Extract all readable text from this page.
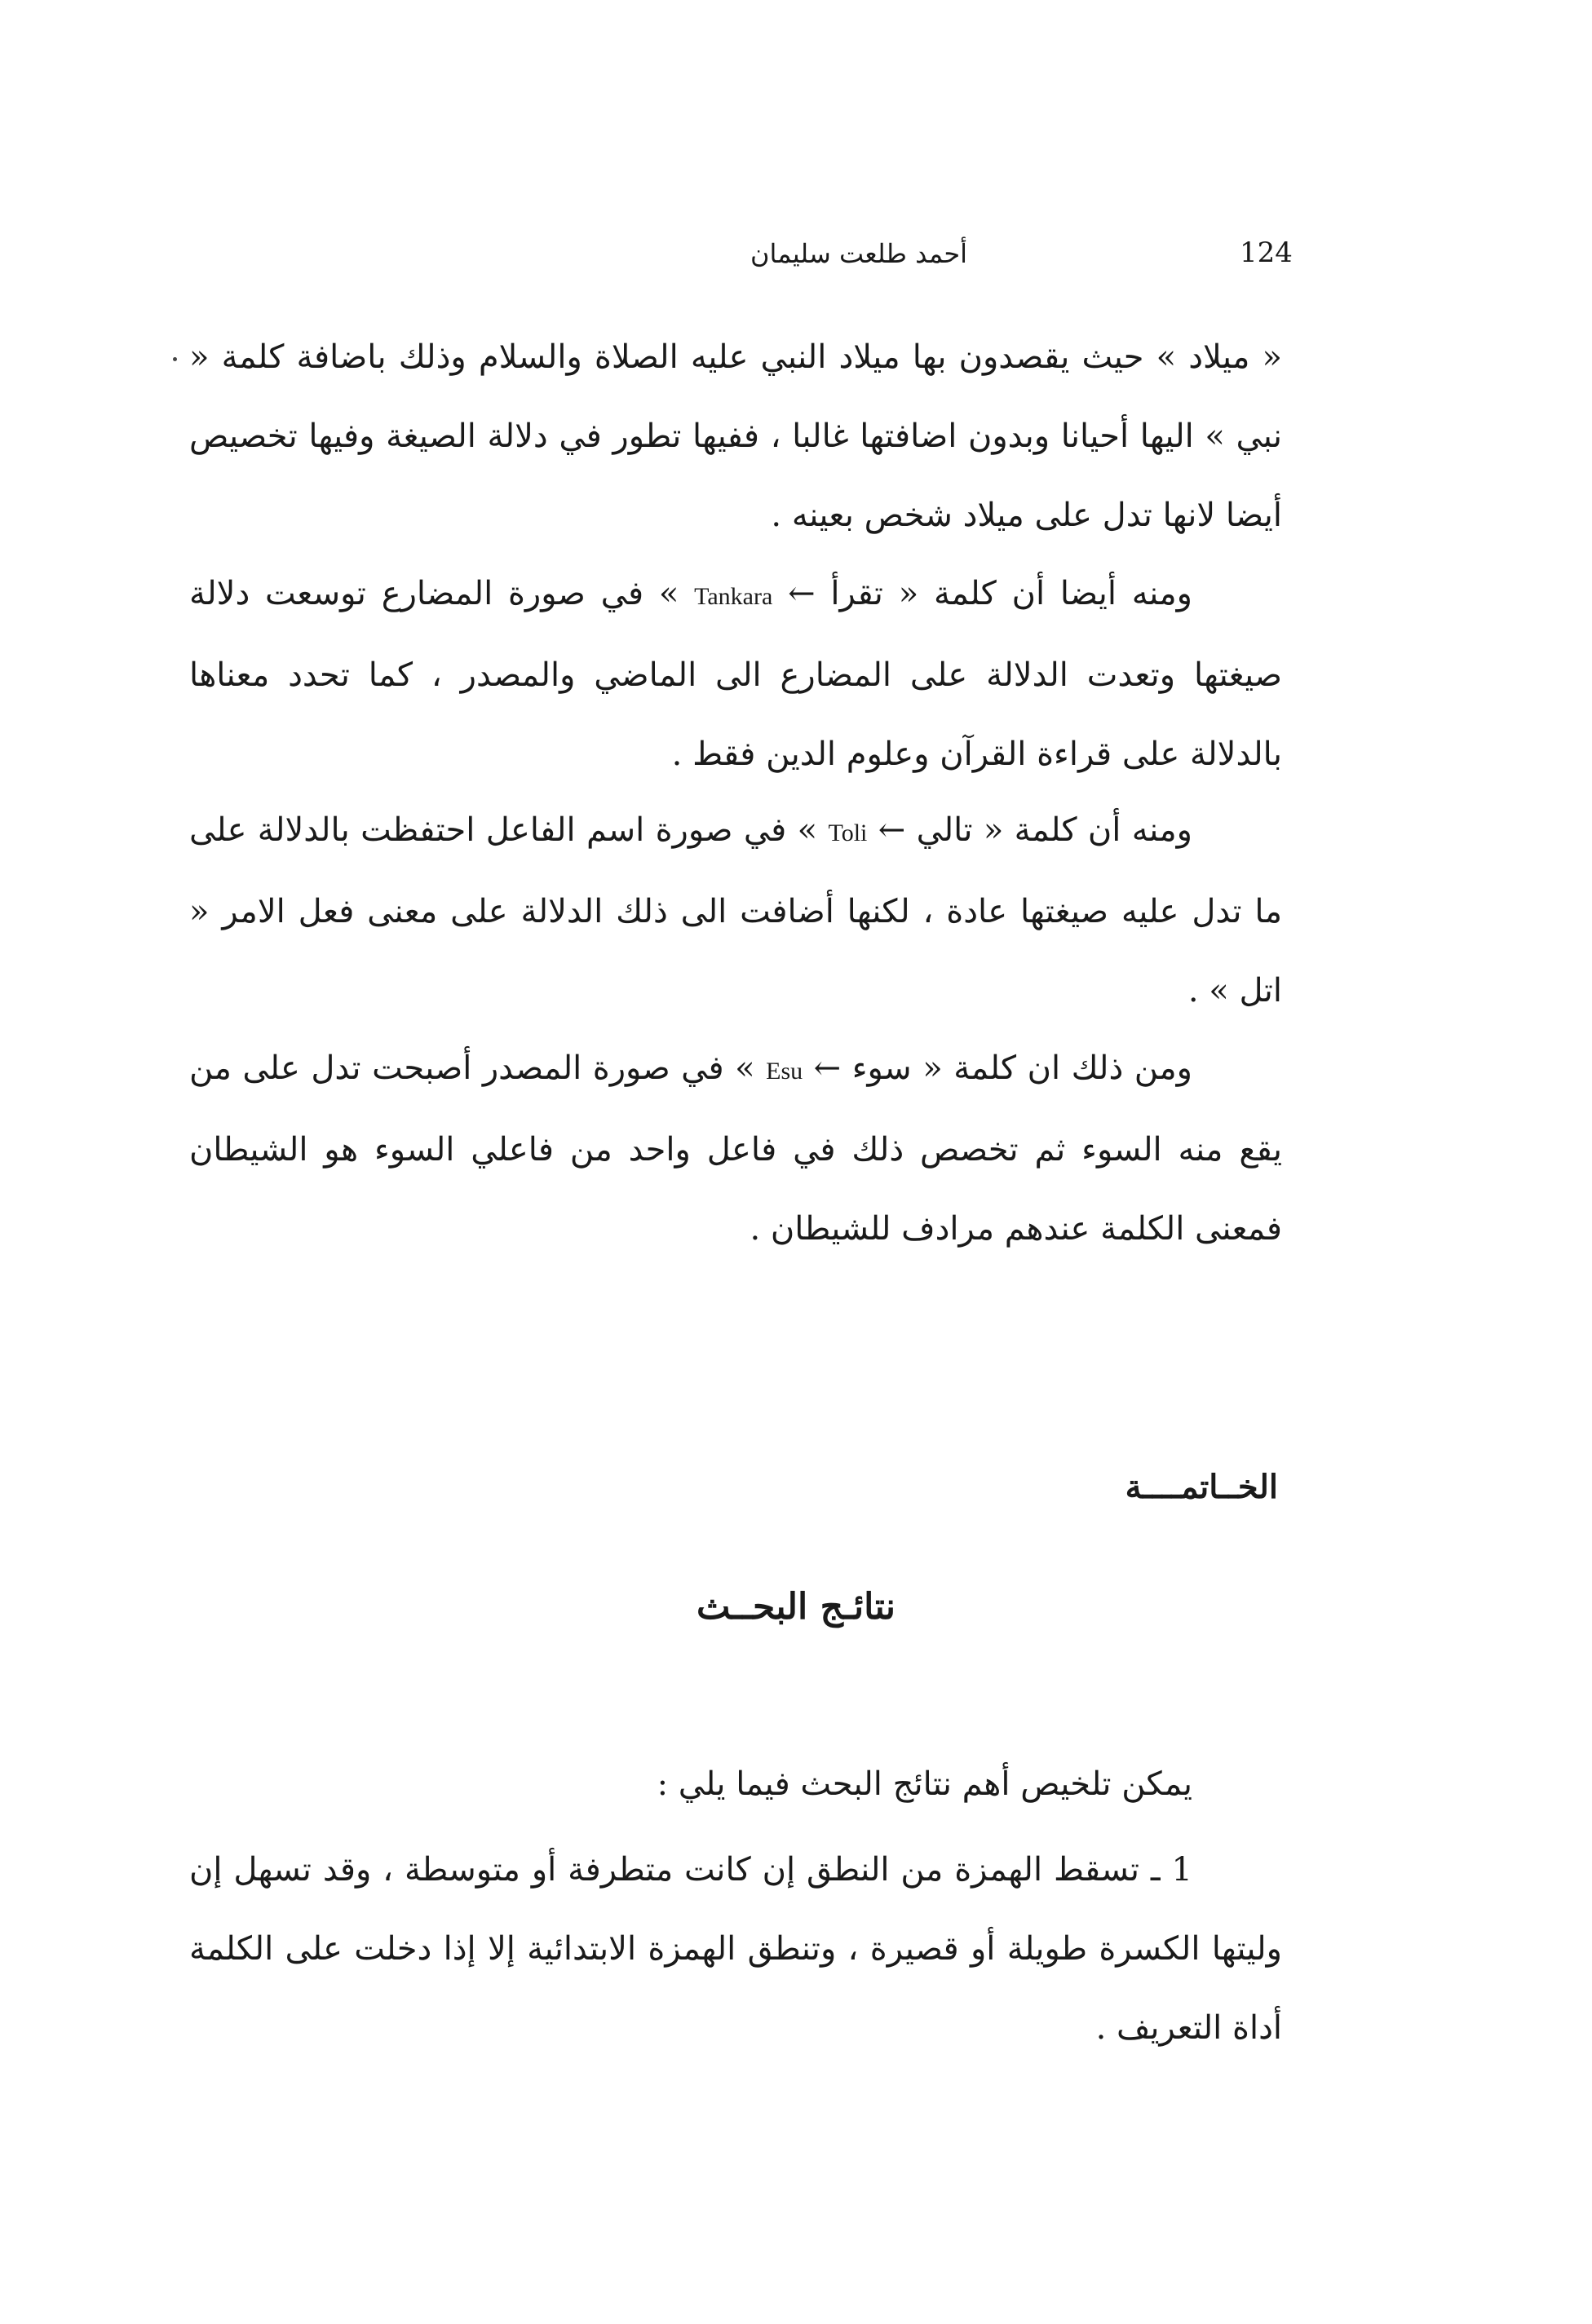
124
أحمد طلعت سليمان

« ميلاد » حيث يقصدون بها ميلاد النبي عليه الصلاة والسلام وذلك باضافة كلمة « نبي » اليها أحيانا وبدون اضافتها غالبا ، ففيها تطور في دلالة الصيغة وفيها تخصيص أيضا لانها تدل على ميلاد شخص بعينه .

ومنه أيضا أن كلمة « تقرأ ← Tankara » في صورة المضارع توسعت دلالة صيغتها وتعدت الدلالة على المضارع الى الماضي والمصدر ، كما تحدد معناها بالدلالة على قراءة القرآن وعلوم الدين فقط .

ومنه أن كلمة « تالي ← Toli » في صورة اسم الفاعل احتفظت بالدلالة على ما تدل عليه صيغتها عادة ، لكنها أضافت الى ذلك الدلالة على معنى فعل الامر « اتل » .

ومن ذلك ان كلمة « سوء ← Esu » في صورة المصدر أصبحت تدل على من يقع منه السوء ثم تخصص ذلك في فاعل واحد من فاعلي السوء هو الشيطان فمعنى الكلمة عندهم مرادف للشيطان .

الخــاتمــــة
نتائـج البحــث

يمكن تلخيص أهم نتائج البحث فيما يلي :

1 ـ تسقط الهمزة من النطق إن كانت متطرفة أو متوسطة ، وقد تسهل إن وليتها الكسرة طويلة أو قصيرة ، وتنطق الهمزة الابتدائية إلا إذا دخلت على الكلمة أداة التعريف .
